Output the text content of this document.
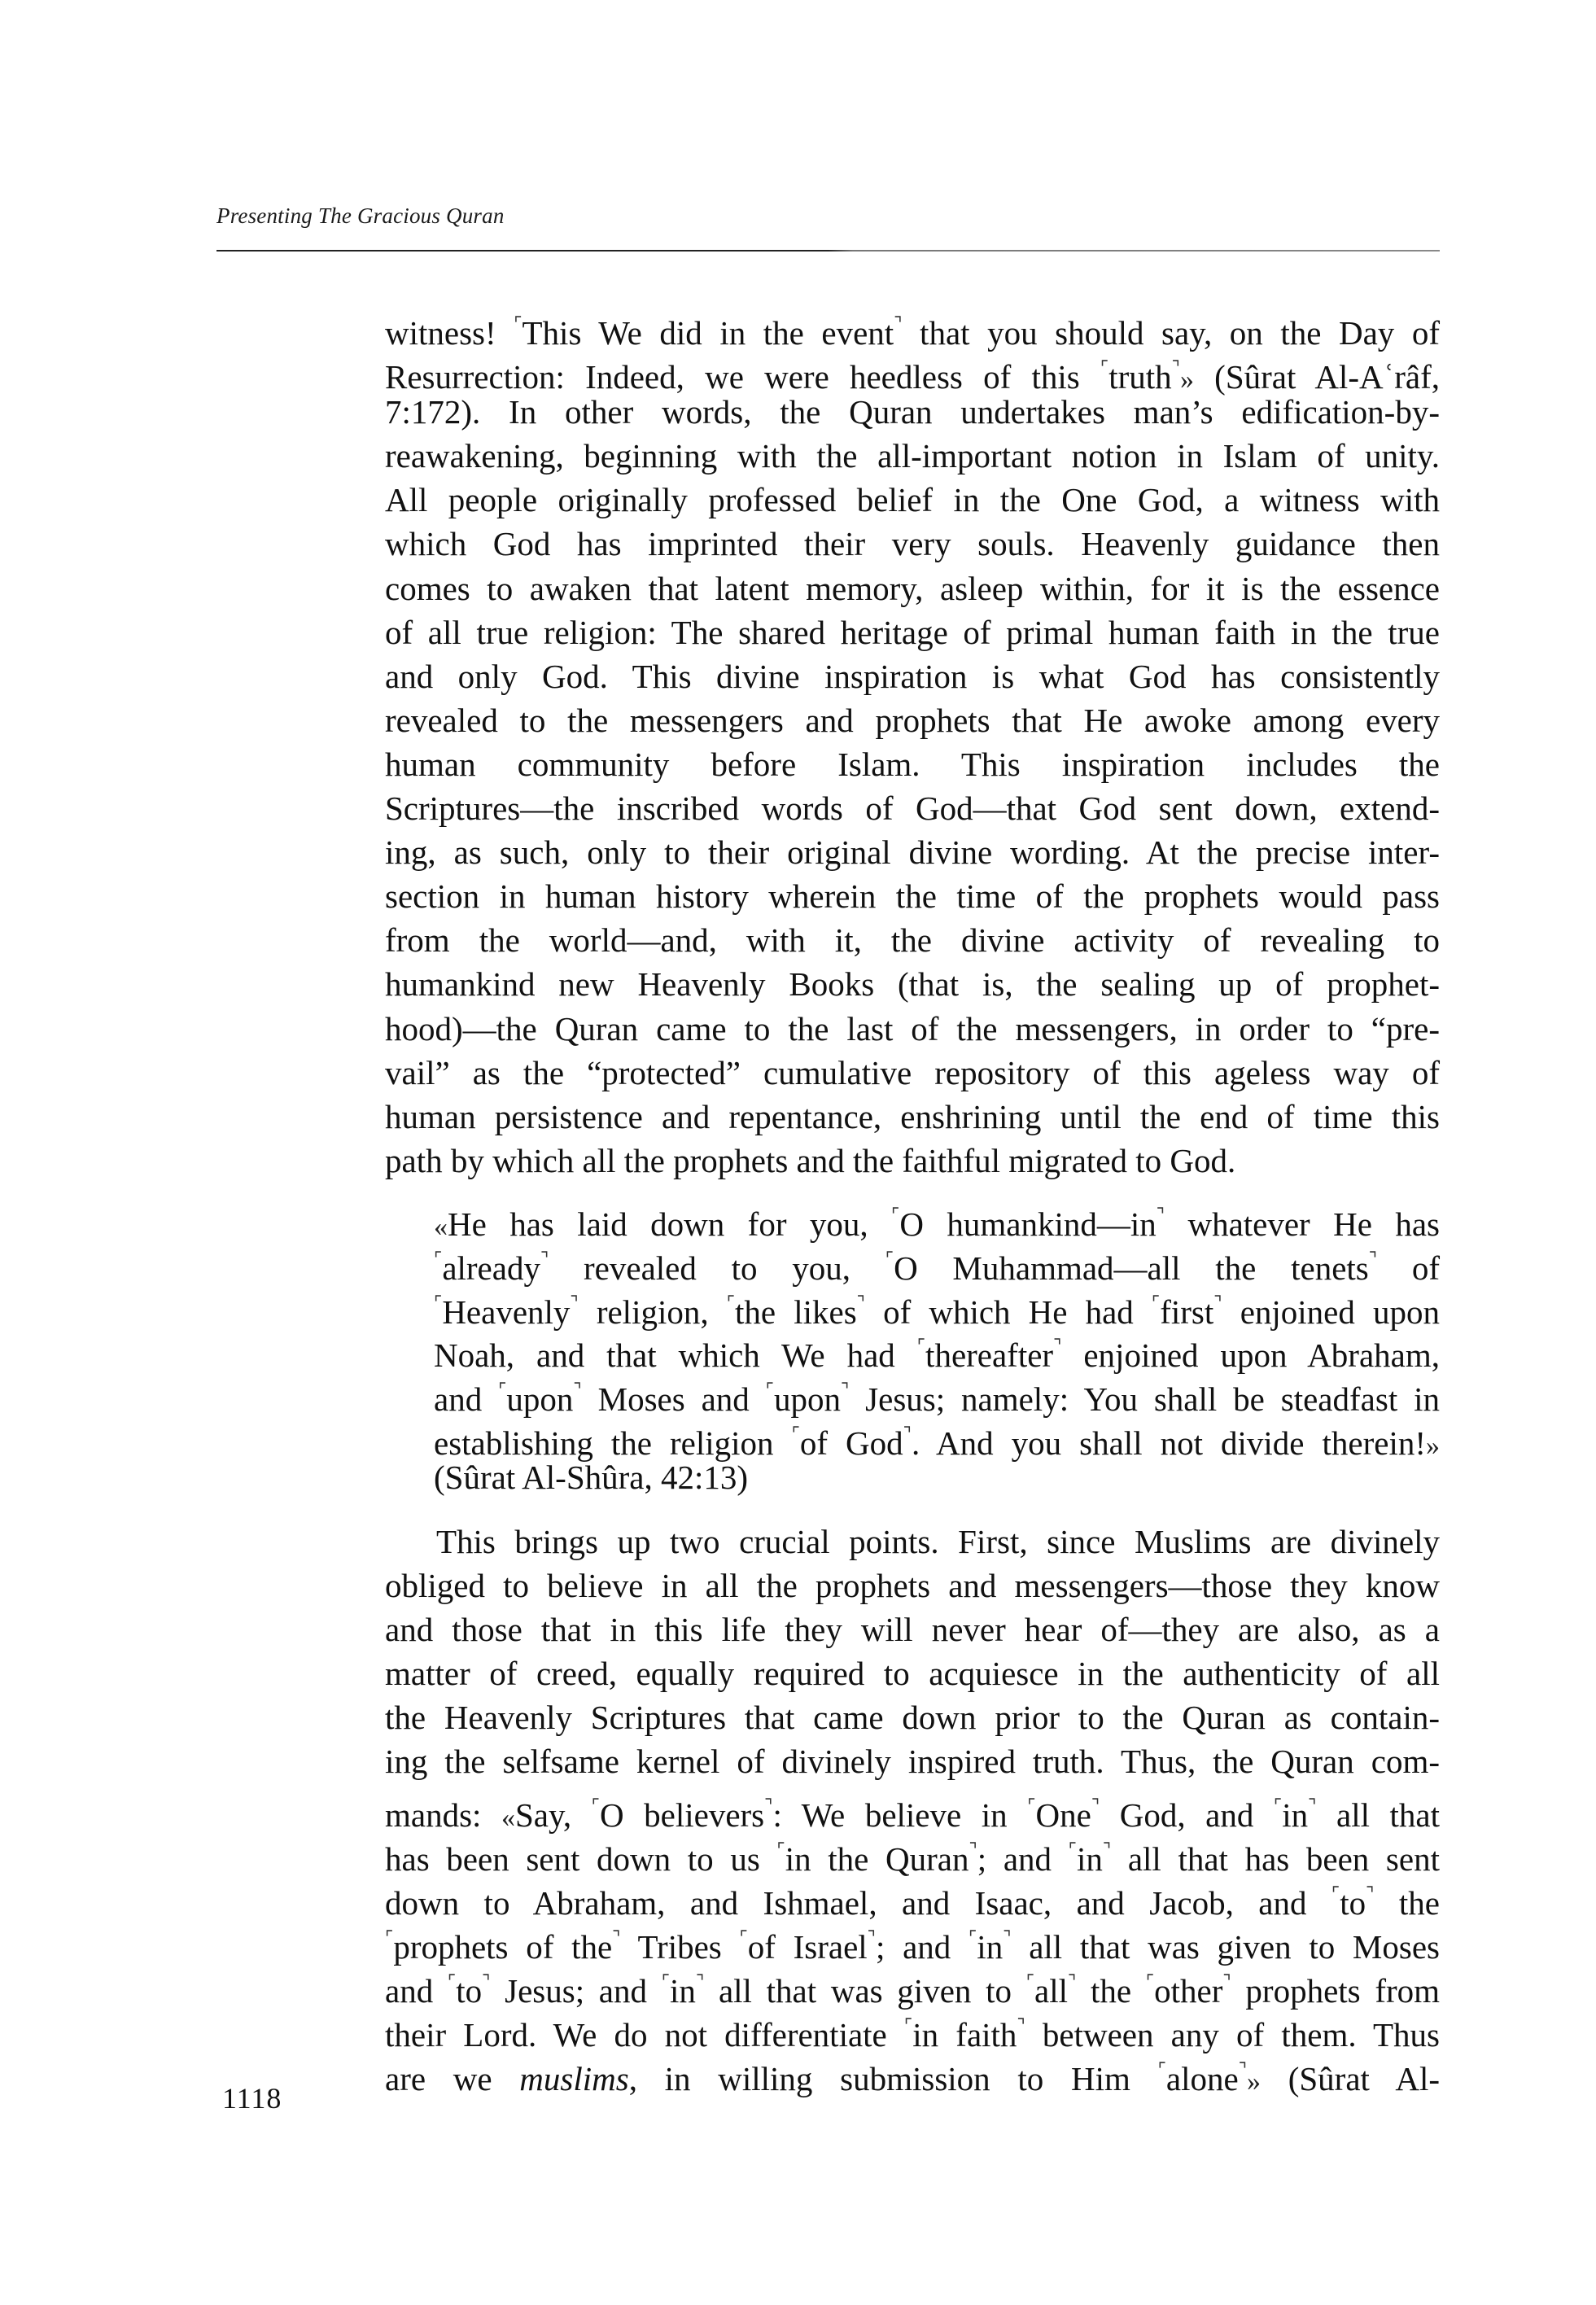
Presenting The Gracious Quran
witness! ⌜This We did in the event⌝ that you should say, on the Day of
Resurrection: Indeed, we were heedless of this ⌜truth⌝» (Sûrat Al-Aʿrâf,
7:172). In other words, the Quran undertakes man’s edification-by-
reawakening, beginning with the all-important notion in Islam of unity.
All people originally professed belief in the One God, a witness with
which God has imprinted their very souls. Heavenly guidance then
comes to awaken that latent memory, asleep within, for it is the essence
of all true religion: The shared heritage of primal human faith in the true
and only God. This divine inspiration is what God has consistently
revealed to the messengers and prophets that He awoke among every
human community before Islam. This inspiration includes the
Scriptures—the inscribed words of God—that God sent down, extend-
ing, as such, only to their original divine wording. At the precise inter-
section in human history wherein the time of the prophets would pass
from the world—and, with it, the divine activity of revealing to
humankind new Heavenly Books (that is, the sealing up of prophet-
hood)—the Quran came to the last of the messengers, in order to “pre-
vail” as the “protected” cumulative repository of this ageless way of
human persistence and repentance, enshrining until the end of time this
path by which all the prophets and the faithful migrated to God.
«He has laid down for you, ⌜O humankind—in⌝ whatever He has
⌜already⌝ revealed to you, ⌜O Muhammad—all the tenets⌝ of
⌜Heavenly⌝ religion, ⌜the likes⌝ of which He had ⌜first⌝ enjoined upon
Noah, and that which We had ⌜thereafter⌝ enjoined upon Abraham,
and ⌜upon⌝ Moses and ⌜upon⌝ Jesus; namely: You shall be steadfast in
establishing the religion ⌜of God⌝. And you shall not divide therein!»
(Sûrat Al-Shûra, 42:13)
This brings up two crucial points. First, since Muslims are divinely
obliged to believe in all the prophets and messengers—those they know
and those that in this life they will never hear of—they are also, as a
matter of creed, equally required to acquiesce in the authenticity of all
the Heavenly Scriptures that came down prior to the Quran as contain-
ing the selfsame kernel of divinely inspired truth. Thus, the Quran com-
mands: «Say, ⌜O believers⌝: We believe in ⌜One⌝ God, and ⌜in⌝ all that
has been sent down to us ⌜in the Quran⌝; and ⌜in⌝ all that has been sent
down to Abraham, and Ishmael, and Isaac, and Jacob, and ⌜to⌝ the
⌜prophets of the⌝ Tribes ⌜of Israel⌝; and ⌜in⌝ all that was given to Moses
and ⌜to⌝ Jesus; and ⌜in⌝ all that was given to ⌜all⌝ the ⌜other⌝ prophets from
their Lord. We do not differentiate ⌜in faith⌝ between any of them. Thus
are we muslims, in willing submission to Him ⌜alone⌝» (Sûrat Al-
1118
